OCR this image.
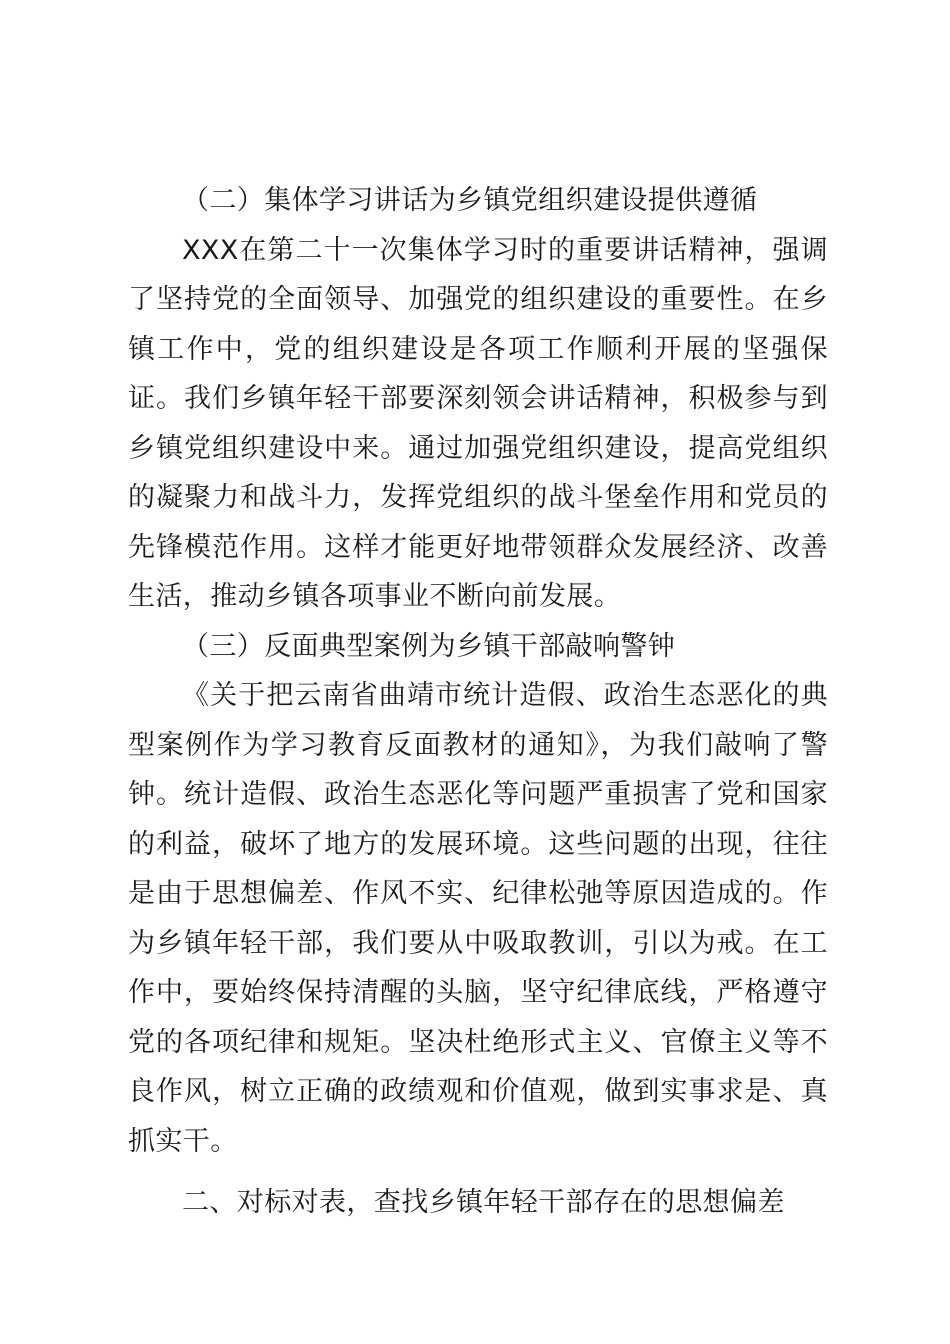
（二）集体学习讲话为乡镇党组织建设提供遵循

XXX在第二十一次集体学习时的重要讲话精神，强调了坚持党的全面领导、加强党的组织建设的重要性。在乡镇工作中，党的组织建设是各项工作顺利开展的坚强保证。我们乡镇年轻干部要深刻领会讲话精神，积极参与到乡镇党组织建设中来。通过加强党组织建设，提高党组织的凝聚力和战斗力，发挥党组织的战斗堡垒作用和党员的先锋模范作用。这样才能更好地带领群众发展经济、改善生活，推动乡镇各项事业不断向前发展。

（三）反面典型案例为乡镇干部敲响警钟

《关于把云南省曲靖市统计造假、政治生态恶化的典型案例作为学习教育反面教材的通知》，为我们敲响了警钟。统计造假、政治生态恶化等问题严重损害了党和国家的利益，破坏了地方的发展环境。这些问题的出现，往往是由于思想偏差、作风不实、纪律松弛等原因造成的。作为乡镇年轻干部，我们要从中吸取教训，引以为戒。在工作中，要始终保持清醒的头脑，坚守纪律底线，严格遵守党的各项纪律和规矩。坚决杜绝形式主义、官僚主义等不良作风，树立正确的政绩观和价值观，做到实事求是、真抓实干。

二、对标对表，查找乡镇年轻干部存在的思想偏差
